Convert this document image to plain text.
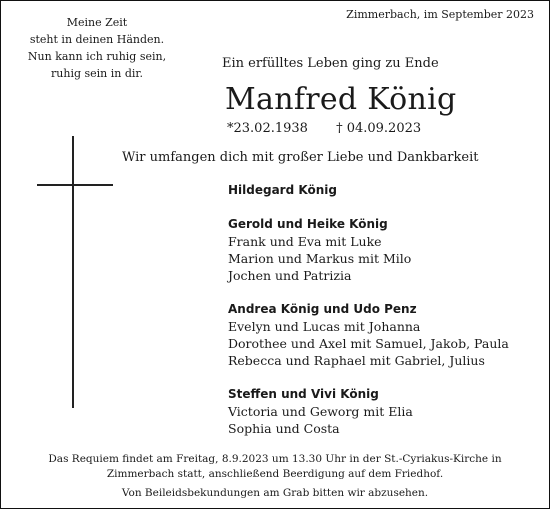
Meine Zeit
steht in deinen Händen.
Nun kann ich ruhig sein,
ruhig sein in dir.
Zimmerbach, im September 2023
Ein erfülltes Leben ging zu Ende
Manfred König
*23.02.1938 † 04.09.2023
Wir umfangen dich mit großer Liebe und Dankbarkeit
Hildegard König
Gerold und Heike König
Frank und Eva mit Luke
Marion und Markus mit Milo
Jochen und Patrizia
Andrea König und Udo Penz
Evelyn und Lucas mit Johanna
Dorothee und Axel mit Samuel, Jakob, Paula
Rebecca und Raphael mit Gabriel, Julius
Steffen und Vivi König
Victoria und Geworg mit Elia
Sophia und Costa
Das Requiem findet am Freitag, 8.9.2023 um 13.30 Uhr in der St.-Cyriakus-Kirche in
Zimmerbach statt, anschließend Beerdigung auf dem Friedhof.
Von Beileidsbekundungen am Grab bitten wir abzusehen.
